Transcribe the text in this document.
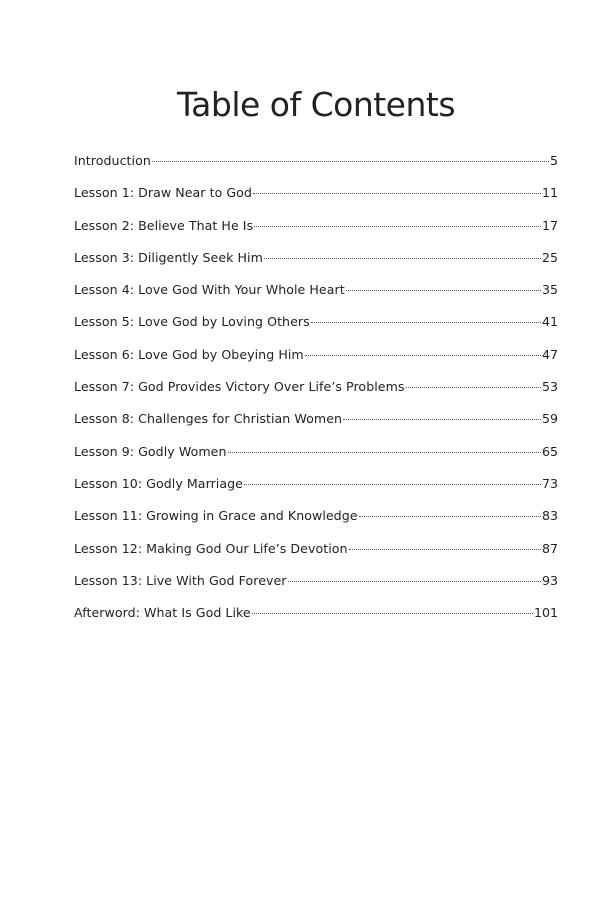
Table of Contents
Introduction	5
Lesson 1: Draw Near to God	11
Lesson 2: Believe That He Is	17
Lesson 3: Diligently Seek Him	25
Lesson 4: Love God With Your Whole Heart	35
Lesson 5: Love God by Loving Others	41
Lesson 6: Love God by Obeying Him	47
Lesson 7: God Provides Victory Over Life’s Problems	53
Lesson 8: Challenges for Christian Women	59
Lesson 9: Godly Women	65
Lesson 10: Godly Marriage	73
Lesson 11: Growing in Grace and Knowledge	83
Lesson 12: Making God Our Life’s Devotion	87
Lesson 13: Live With God Forever	93
Afterword: What Is God Like	101
